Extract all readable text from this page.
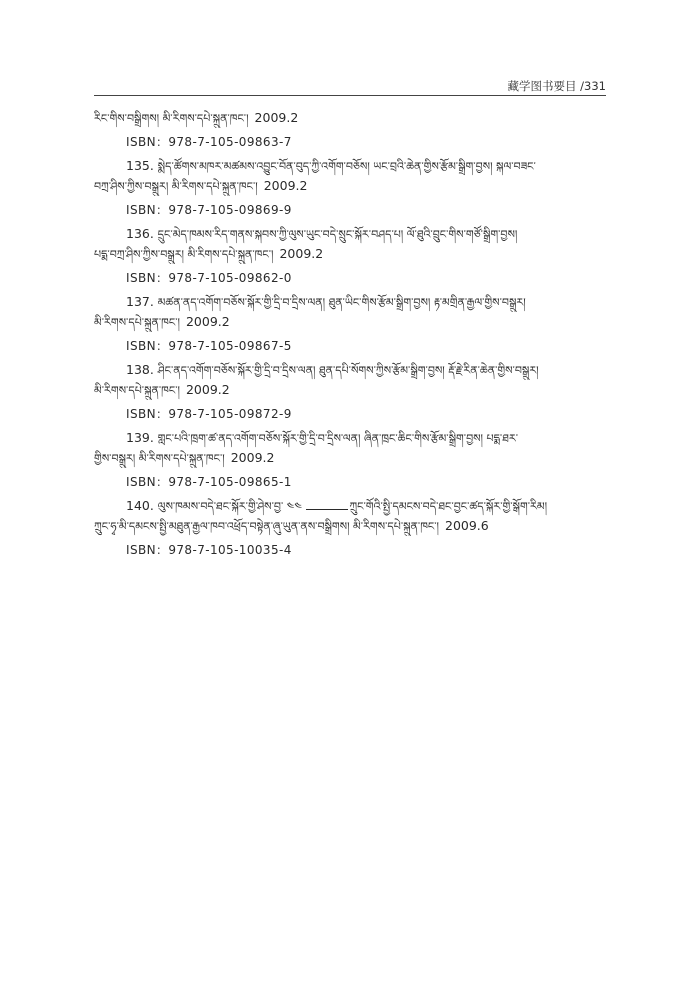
藏学图书要目 /331
རིང་གིས་བསྒྲིགས། མི་རིགས་དཔེ་སྐྲུན་ཁང་། 2009.2
ISBN：978-7-105-09863-7
135. སྨེད་ཚོགས་མཁར་མཚམས་འབྱུང་བོན་བུད་ཀྱི་འགོག་བཅོས། ཡང་བྲའི་ཆེན་གྱིས་རྩོམ་སྒྲིག་བྱས། སྐལ་བཟང་
བཀྲ་ཤིས་ཀྱིས་བསྒྲུར། མི་རིགས་དཔེ་སྐྲུན་ཁང་། 2009.2
ISBN：978-7-105-09869-9
136. དྲུང་མེད་ཁམས་རིད་གནས་སྐབས་ཀྱི་ལུས་ཡུང་བདེ་སྲུང་སྐོར་བཤད་པ། ལོ་ཐུའི་བྲུང་གིས་གཙོ་སྒྲིག་བྱས།
པདྨ་བཀྲ་ཤིས་ཀྱིས་བསྒྲུར། མི་རིགས་དཔེ་སྐྲུན་ཁང་། 2009.2
ISBN：978-7-105-09862-0
137. མཚན་ནད་འགོག་བཅོས་སྐོར་གྱི་དྲི་བ་དྲིས་ལན། ཐུན་ཡིང་གིས་རྩོམ་སྒྲིག་བྱས། རྟ་མགྲིན་རྒྱལ་གྱིས་བསྒྲུར།
མི་རིགས་དཔེ་སྐྲུན་ཁང་། 2009.2
ISBN：978-7-105-09867-5
138. ཤིང་ནད་འགོག་བཅོས་སྐོར་གྱི་དྲི་བ་དྲིས་ལན། ཐུན་དཔི་སོགས་ཀྱིས་རྩོམ་སྒྲིག་བྱས། རྡོ་རྗེ་རིན་ཆེན་གྱིས་བསྒྲུར།
མི་རིགས་དཔེ་སྐྲུན་ཁང་། 2009.2
ISBN：978-7-105-09872-9
139. གླང་པའི་ཁྲག་ཚ་ནད་འགོག་བཅོས་སྐོར་གྱི་དྲི་བ་དྲིས་ལན། ཞིན་ཁྲང་ཆིང་གིས་རྩོམ་སྒྲིག་བྱས། པདྨ་ཐར་
གྱིས་བསྒྲུར། མི་རིགས་དཔེ་སྐྲུན་ཁང་། 2009.2
ISBN：978-7-105-09865-1
140. ལུས་ཁམས་བདེ་ཐང་སྐོར་གྱི་ཤེས་བྱ་ ༤༤	ཀྲུང་གོའི་སྤྱི་དམངས་བདེ་ཐང་བྱང་ཚད་སྐོར་གྱི་སྒོག་རིམ།
ཀྲུང་ཧྭ་མི་དམངས་སྤྱི་མཐུན་རྒྱལ་ཁབ་འཕྲོད་བསྟེན་ཞུ་ཡུན་ནས་བསྒྲིགས། མི་རིགས་དཔེ་སྐྲུན་ཁང་། 2009.6
ISBN：978-7-105-10035-4
